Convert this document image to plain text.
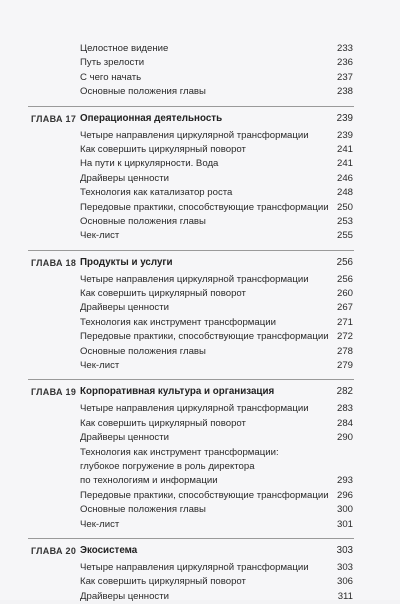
Целостное видение	233
Путь зрелости	236
С чего начать	237
Основные положения главы	238
ГЛАВА 17 Операционная деятельность	239
Четыре направления циркулярной трансформации	239
Как совершить циркулярный поворот	241
На пути к циркулярности. Вода	241
Драйверы ценности	246
Технология как катализатор роста	248
Передовые практики, способствующие трансформации 250
Основные положения главы	253
Чек-лист	255
ГЛАВА 18 Продукты и услуги	256
Четыре направления циркулярной трансформации	256
Как совершить циркулярный поворот	260
Драйверы ценности	267
Технология как инструмент трансформации	271
Передовые практики, способствующие трансформации 272
Основные положения главы	278
Чек-лист	279
ГЛАВА 19 Корпоративная культура и организация	282
Четыре направления циркулярной трансформации	283
Как совершить циркулярный поворот	284
Драйверы ценности	290
Технология как инструмент трансформации:
глубокое погружение в роль директора
по технологиям и информации	293
Передовые практики, способствующие трансформации 296
Основные положения главы	300
Чек-лист	301
ГЛАВА 20 Экосистема	303
Четыре направления циркулярной трансформации	303
Как совершить циркулярный поворот	306
Драйверы ценности	311
